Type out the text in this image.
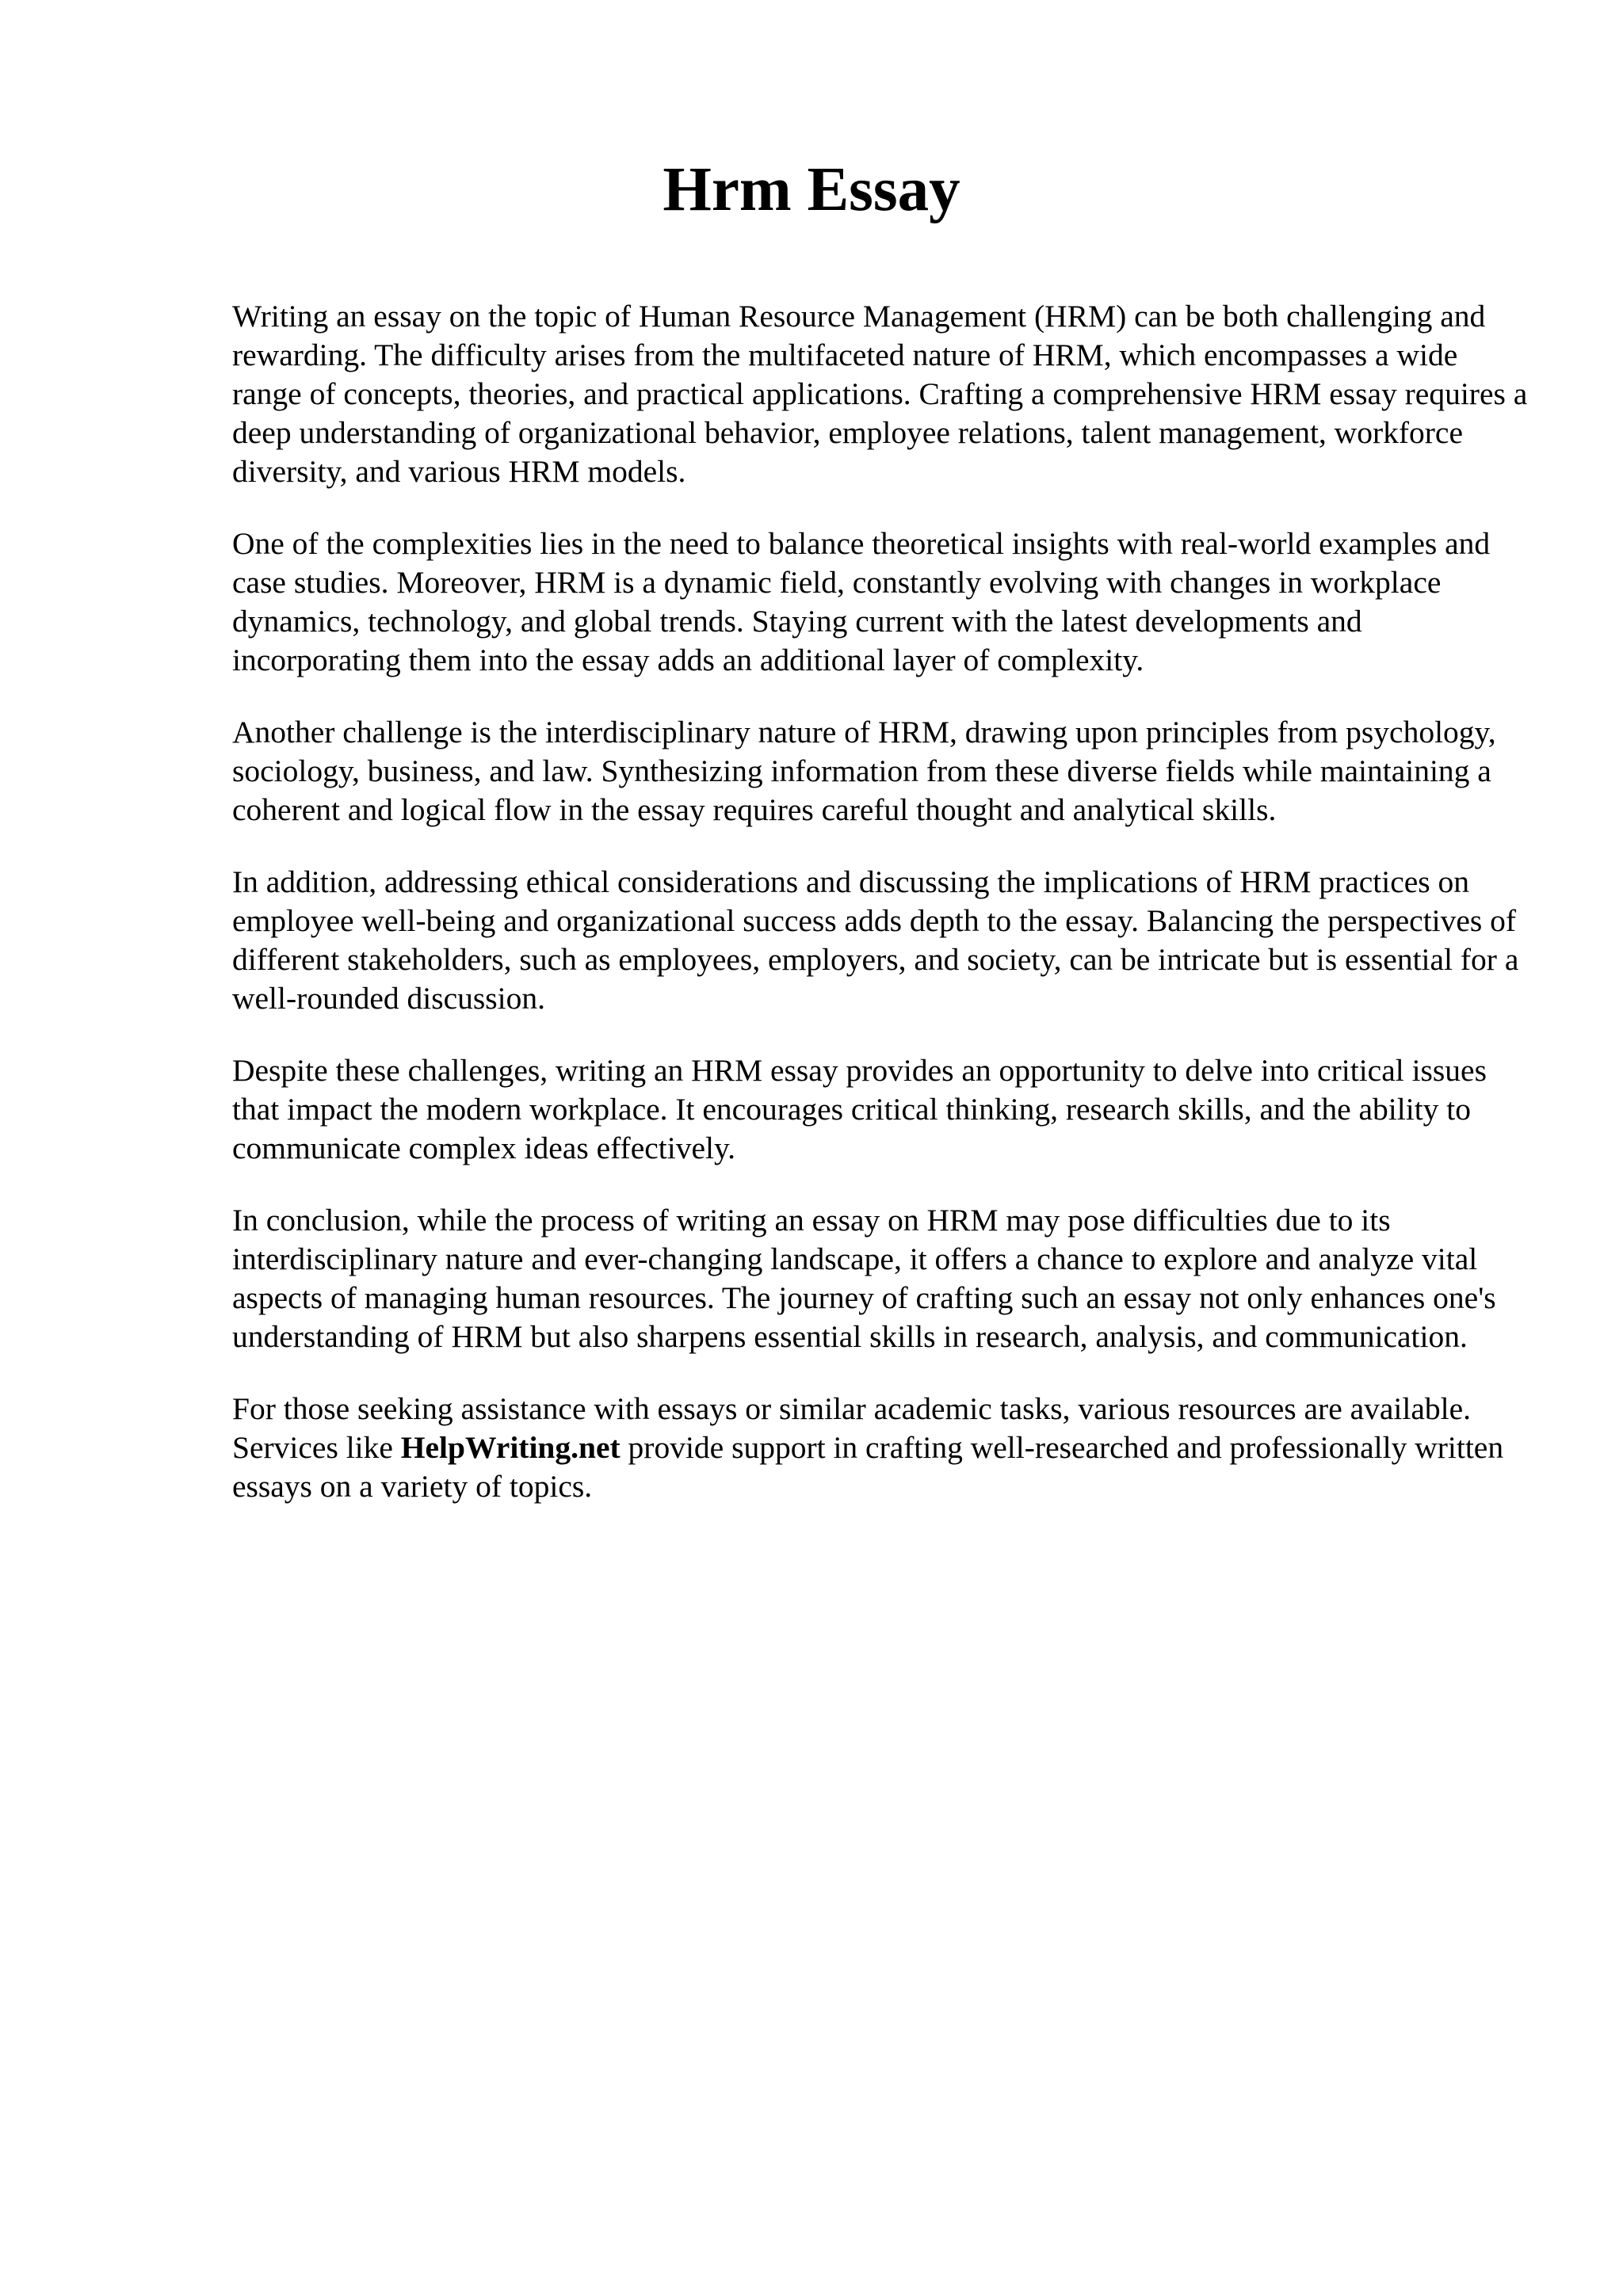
Hrm Essay

Writing an essay on the topic of Human Resource Management (HRM) can be both challenging and rewarding. The difficulty arises from the multifaceted nature of HRM, which encompasses a wide range of concepts, theories, and practical applications. Crafting a comprehensive HRM essay requires a deep understanding of organizational behavior, employee relations, talent management, workforce diversity, and various HRM models.

One of the complexities lies in the need to balance theoretical insights with real-world examples and case studies. Moreover, HRM is a dynamic field, constantly evolving with changes in workplace dynamics, technology, and global trends. Staying current with the latest developments and incorporating them into the essay adds an additional layer of complexity.

Another challenge is the interdisciplinary nature of HRM, drawing upon principles from psychology, sociology, business, and law. Synthesizing information from these diverse fields while maintaining a coherent and logical flow in the essay requires careful thought and analytical skills.

In addition, addressing ethical considerations and discussing the implications of HRM practices on employee well-being and organizational success adds depth to the essay. Balancing the perspectives of different stakeholders, such as employees, employers, and society, can be intricate but is essential for a well-rounded discussion.

Despite these challenges, writing an HRM essay provides an opportunity to delve into critical issues that impact the modern workplace. It encourages critical thinking, research skills, and the ability to communicate complex ideas effectively.

In conclusion, while the process of writing an essay on HRM may pose difficulties due to its interdisciplinary nature and ever-changing landscape, it offers a chance to explore and analyze vital aspects of managing human resources. The journey of crafting such an essay not only enhances one's understanding of HRM but also sharpens essential skills in research, analysis, and communication.

For those seeking assistance with essays or similar academic tasks, various resources are available. Services like HelpWriting.net provide support in crafting well-researched and professionally written essays on a variety of topics.
